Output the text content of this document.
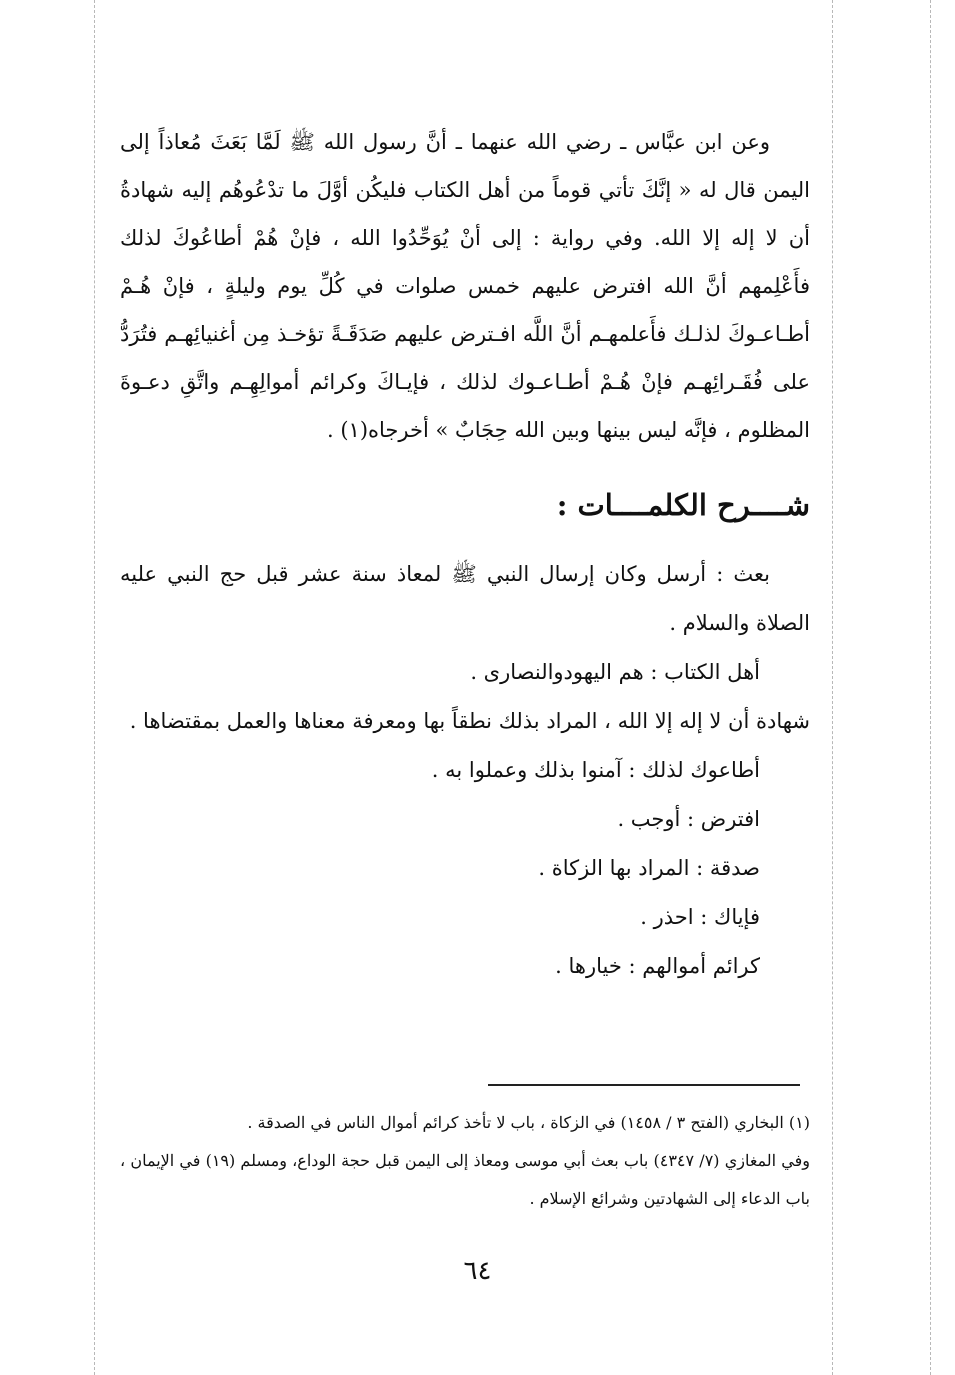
وعن ابن عبَّاس ـ رضي الله عنهما ـ أنَّ رسول الله ﷺ لَمَّا بَعَثَ مُعاذاً إلى اليمن قال له « إنَّكَ تأتي قوماً من أهل الكتاب فليكُن أوَّلَ ما تدْعُوهُم إليه شهادةُ أن لا إله إلا الله. وفي رواية : إلى أنْ يُوَحِّدُوا الله ، فإنْ هُمْ أطاعُوكَ لذلك فأَعْلِمهم أنَّ الله افترض عليهم خمس صلوات في كُلِّ يوم وليلةٍ ، فإنْ هُـمْ أطـاعـوكَ لذلـك فأَعلمهـم أنَّ اللَّه افـترض عليهم صَدَقَـةً تؤخـذ مِن أغنيائِهـم فتُرَدُّ على فُقَـرائِهـم فإنْ هُـمْ أطـاعـوك لذلك ، فإيـاكَ وكرائم أموالِهِـم واتَّقِ دعـوةَ المظلوم ، فإنَّه ليس بينها وبين الله حِجَابٌ » أخرجاه(١) .

شــــرح الكلمــــات :

بعث : أرسل وكان إرسال النبي ﷺ لمعاذ سنة عشر قبل حج النبي عليه الصلاة والسلام .

أهل الكتاب : هم اليهودوالنصارى .

شهادة أن لا إله إلا الله ، المراد بذلك نطقاً بها ومعرفة معناها والعمل بمقتضاها .

أطاعوك لذلك : آمنوا بذلك وعملوا به .

افترض : أوجب .

صدقة : المراد بها الزكاة .

فإياك : احذر .

كرائم أموالهم : خيارها .

(١) البخاري (الفتح ٣ / ١٤٥٨) في الزكاة ، باب لا تأخذ كرائم أموال الناس في الصدقة .

وفي المغازي (٧/ ٤٣٤٧) باب بعث أبي موسى ومعاذ إلى اليمن قبل حجة الوداع، ومسلم (١٩) في الإيمان ، باب الدعاء إلى الشهادتين وشرائع الإسلام .

٦٤
